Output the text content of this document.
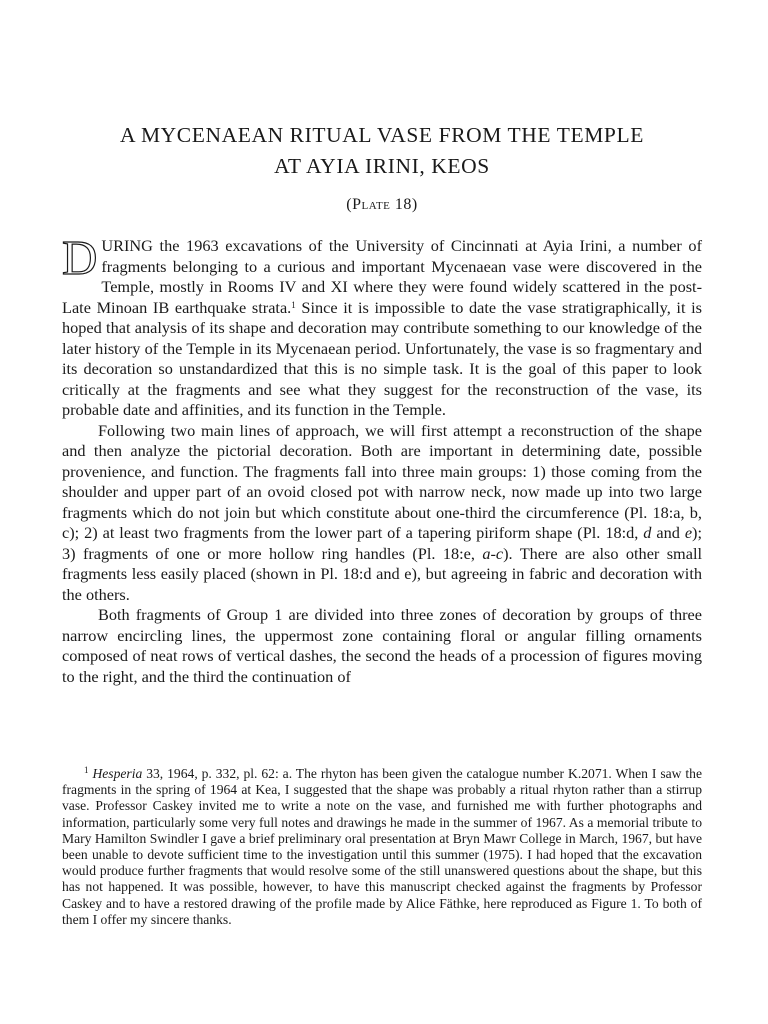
A MYCENAEAN RITUAL VASE FROM THE TEMPLE
AT AYIA IRINI, KEOS
(Plate 18)

DURING the 1963 excavations of the University of Cincinnati at Ayia Irini, a number of fragments belonging to a curious and important Mycenaean vase were discovered in the Temple, mostly in Rooms IV and XI where they were found widely scattered in the post-Late Minoan IB earthquake strata.$^1$ Since it is impossible to date the vase stratigraphically, it is hoped that analysis of its shape and decoration may contribute something to our knowledge of the later history of the Temple in its Mycenaean period. Unfortunately, the vase is so fragmentary and its decoration so unstandardized that this is no simple task. It is the goal of this paper to look critically at the fragments and see what they suggest for the reconstruction of the vase, its probable date and affinities, and its function in the Temple.

Following two main lines of approach, we will first attempt a reconstruction of the shape and then analyze the pictorial decoration. Both are important in determining date, possible provenience, and function. The fragments fall into three main groups: 1) those coming from the shoulder and upper part of an ovoid closed pot with narrow neck, now made up into two large fragments which do not join but which constitute about one-third the circumference (Pl. 18:a, b, c); 2) at least two fragments from the lower part of a tapering piriform shape (Pl. 18:d, d and e); 3) fragments of one or more hollow ring handles (Pl. 18:e, a-c). There are also other small fragments less easily placed (shown in Pl. 18:d and e), but agreeing in fabric and decoration with the others.

Both fragments of Group 1 are divided into three zones of decoration by groups of three narrow encircling lines, the uppermost zone containing floral or angular filling ornaments composed of neat rows of vertical dashes, the second the heads of a procession of figures moving to the right, and the third the continuation of

$^1$ Hesperia 33, 1964, p. 332, pl. 62: a. The rhyton has been given the catalogue number K.2071. When I saw the fragments in the spring of 1964 at Kea, I suggested that the shape was probably a ritual rhyton rather than a stirrup vase. Professor Caskey invited me to write a note on the vase, and furnished me with further photographs and information, particularly some very full notes and drawings he made in the summer of 1967. As a memorial tribute to Mary Hamilton Swindler I gave a brief preliminary oral presentation at Bryn Mawr College in March, 1967, but have been unable to devote sufficient time to the investigation until this summer (1975). I had hoped that the excavation would produce further fragments that would resolve some of the still unanswered questions about the shape, but this has not happened. It was possible, however, to have this manuscript checked against the fragments by Professor Caskey and to have a restored drawing of the profile made by Alice Fäthke, here reproduced as Figure 1. To both of them I offer my sincere thanks.
